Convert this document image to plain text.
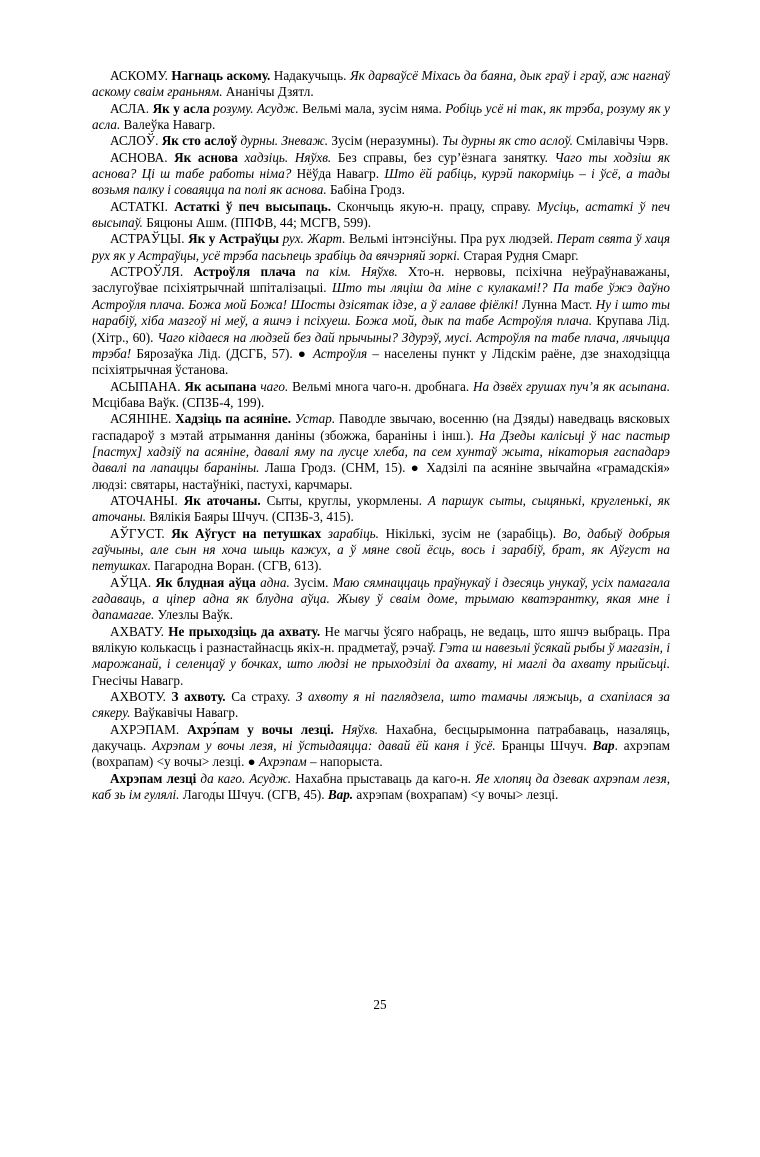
АСКОМУ. Нагнаць аскому. Надакучыць. Як дарваўсё Міхась да баяна, дык граў і граў, аж нагнаў аскому сваім граньням. Ананічы Дзятл.

АСЛА. Як у асла розуму. Асудж. Вельмі мала, зусім няма. Робіць усё ні так, як трэба, розуму як у асла. Валеўка Навагр.

АСЛОЎ. Як сто аслоў дурны. Зневаж. Зусім (неразумны). Ты дурны як сто аслоў. Смілавічы Чэрв.

АСНОВА. Як аснова хадзіць. Няўхв. Без справы, без сур’ёзнага занятку. Чаго ты ходзіш як аснова? Ці ш табе работы німа? Нёўда Навагр. Што ёй рабіць, курэй пакорміць – і ўсё, а тады возьмя палку і соваяцца па полі як аснова. Бабіна Гродз.

АСТАТКІ. Астаткі ў печ высыпаць. Скончыць якую-н. працу, справу. Мусіць, астаткі ў печ высыпаў. Бяцюны Ашм. (ППФВ, 44; МСГВ, 599).

АСТРАЎЦЫ. Як у Астраўцы рух. Жарт. Вельмі інтэнсіўны. Пра рух людзей. Перат свята ў хаця рух як у Астраўцы, усё трэба пасьпець зрабіць да вячэрняй зоркі. Старая Рудня Смарг.

АСТРОЎЛЯ. Астроўля плача па кім. Няўхв. Хто-н. нервовы, псіхічна неўраўнаважаны, заслугоўвае псіхіятрычнай шпіталізацыі. Што ты ляціш да міне с кулакамі!? Па табе ўжэ даўно Астроўля плача. Божа мой Божа! Шосты дзісятак ідзе, а ў галаве фіёлкі! Лунна Маст. Ну і што ты нарабіў, хіба мазгоў ні меў, а яшчэ і псіхуеш. Божа мой, дык па табе Астроўля плача. Крупава Лід. (Хітр., 60). Чаго кідаеся на людзей без дай прычыны? Здурэў, мусі. Астроўля па табе плача, лячыцца трэба! Бярозаўка Лід. (ДСГБ, 57). ● Астроўля – населены пункт у Лідскім раёне, дзе знаходзіцца псіхіятрычная ўстанова.

АСЫПАНА. Як асыпана чаго. Вельмі многа чаго-н. дробнага. На дзвёх грушах пуч’я як асыпана. Мсцібава Ваўк. (СПЗБ-4, 199).

АСЯНІНЕ. Хадзіць па асяніне. Устар. Паводле звычаю, восенню (на Дзяды) наведваць вясковых гаспадароў з мэтай атрымання даніны (збожжа, бараніны і інш.). На Дзеды калісьці ў нас пастыр [пастух] хадзіў па асяніне, давалі яму па лусце хлеба, па сем хунтаў жыта, нікаторыя гаспадарэ давалі па лапаццы бараніны. Лаша Гродз. (СНМ, 15). ● Хадзілі па асяніне звычайна «грамадскія» людзі: святары, настаўнікі, пастухі, карчмары.

АТОЧАНЫ. Як аточаны. Сыты, круглы, укормлены. А паршук сыты, сыцянькі, кругленькі, як аточаны. Вялікія Баяры Шчуч. (СПЗБ-3, 415).

АЎГУСТ. Як Аўгуст на петушках зарабіць. Нікількі, зусім не (зарабіць). Во, дабыў добрыя гаўчыны, але сын ня хоча шыць кажух, а ў мяне свой ёсць, вось і зарабіў, брат, як Аўгуст на петушках. Пагародна Воран. (СГВ, 613).

АЎЦА. Як блудная аўца адна. Зусім. Маю сямнаццаць праўнукаў і дзесяць унукаў, усіх памагала гадаваць, а ціпер адна як блудна аўца. Жыву ў сваім доме, трымаю кватэрантку, якая мне і дапамагае. Улезлы Ваўк.

АХВАТУ. Не прыходзіць да ахвату. Не магчы ўсяго набраць, не ведаць, што яшчэ выбраць. Пра вялікую колькасць і разнастайнасць якіх-н. прадметаў, рэчаў. Гэта ш навезьлі ўсякай рыбы ў магазін, і марожанай, і селенцаў у бочках, што людзі не прыходзілі да ахвату, ні маглі да ахвату прыйсьці. Гнесічы Навагр.

АХВОТУ. З ахвоту. Са страху. З ахвоту я ні паглядзела, што тамачы ляжыць, а схапілася за сякеру. Ваўкавічы Навагр.

АХРЭПАМ. Ахрэ́пам у вочы лезці. Няўхв. Нахабна, бесцырымонна патрабаваць, назаляць, дакучаць. Ахрэпам у вочы лезя, ні ўстыдаяцца: давай ёй каня і ўсё. Бранцы Шчуч. Вар. ахрэпам (вохрапам) <у вочы> лезці. ● Ахрэпам – напорыста.

Ахрэпам лезці да каго. Асудж. Нахабна прыставаць да каго-н. Яе хлопяц да дзевак ахрэпам лезя, каб зь ім гулялі. Лагоды Шчуч. (СГВ, 45). Вар. ахрэпам (вохрапам) <у вочы> лезці.

25
